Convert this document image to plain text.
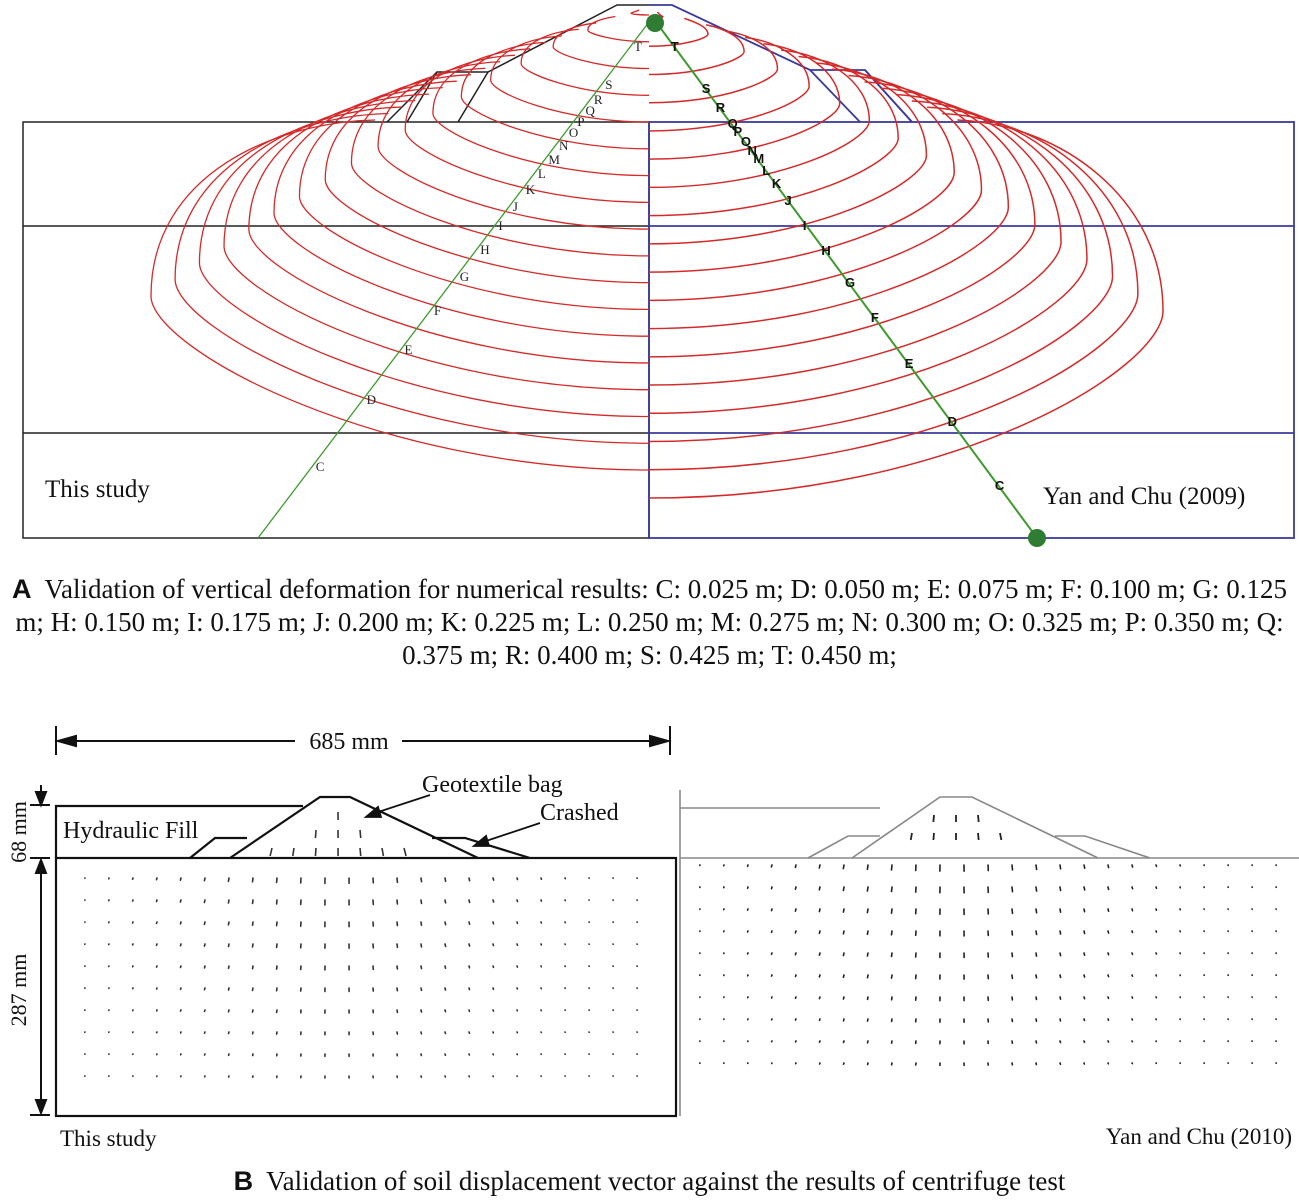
C
C
D
D
E
E
F	F
G	G
H	H
I	I
J	J
K	K
L	L
M	M
N	N
O
O
P
P
Q
Q
R
R
S	S
T T
This study	Yan and Chu (2009)
685 mm
68 mm
287 mm
Geotextile bag
Crashed
Hydraulic Fill
This study	Yan and Chu (2010)
A Validation of vertical deformation for numerical results: C: 0.025 m; D: 0.050 m; E: 0.075 m; F: 0.100 m; G: 0.125 m; H: 0.150 m; I: 0.175 m; J: 0.200 m; K: 0.225 m; L: 0.250 m; M: 0.275 m; N: 0.300 m; O: 0.325 m; P: 0.350 m; Q: 0.375 m; R: 0.400 m; S: 0.425 m; T: 0.450 m;
B Validation of soil displacement vector against the results of centrifuge test
